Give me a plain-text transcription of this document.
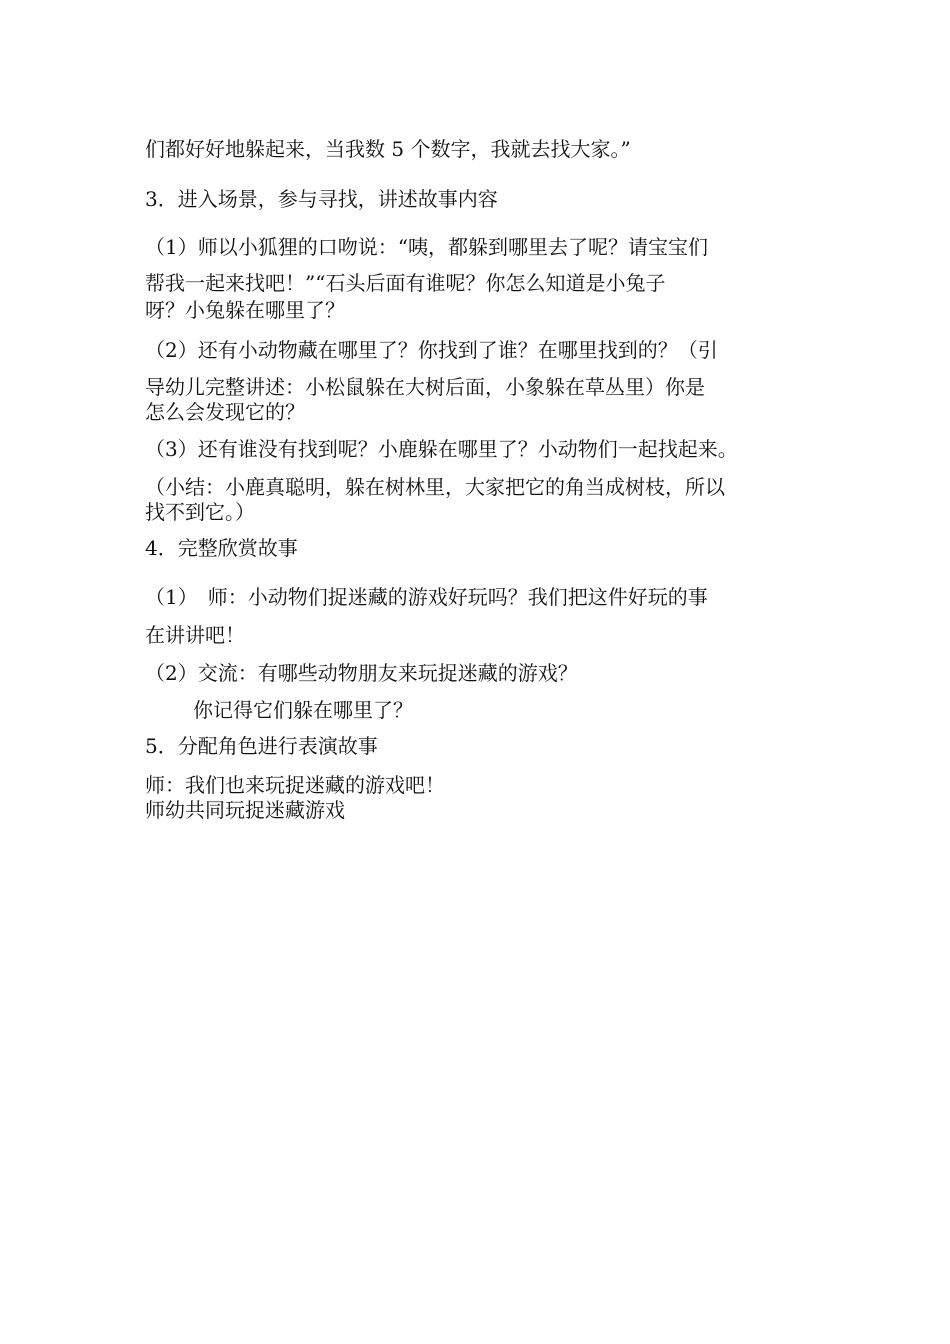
们都好好地躲起来，当我数 5 个数字，我就去找大家。”
3．进入场景，参与寻找，讲述故事内容
（1）师以小狐狸的口吻说：“咦，都躲到哪里去了呢？请宝宝们
帮我一起来找吧！”“石头后面有谁呢？你怎么知道是小兔子
呀？小兔躲在哪里了？
（2）还有小动物藏在哪里了？你找到了谁？在哪里找到的？（引
导幼儿完整讲述：小松鼠躲在大树后面，小象躲在草丛里）你是
怎么会发现它的？
（3）还有谁没有找到呢？小鹿躲在哪里了？小动物们一起找起来。
（小结：小鹿真聪明，躲在树林里，大家把它的角当成树枝，所以
找不到它。）
4．完整欣赏故事
（1）　师：小动物们捉迷藏的游戏好玩吗？我们把这件好玩的事
在讲讲吧！
（2）交流：有哪些动物朋友来玩捉迷藏的游戏？
你记得它们躲在哪里了？
5．分配角色进行表演故事
师：我们也来玩捉迷藏的游戏吧！
师幼共同玩捉迷藏游戏
